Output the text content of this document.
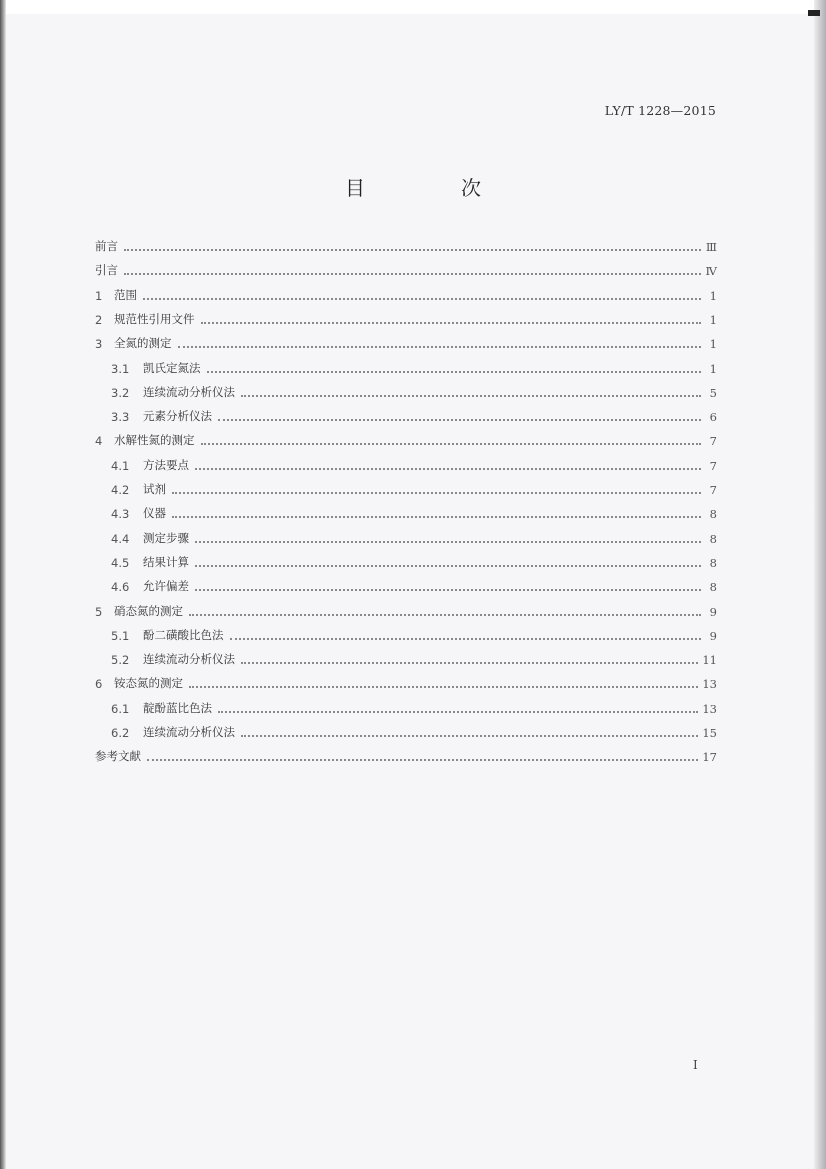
LY/T 1228—2015
目　次
前言	Ⅲ
引言	Ⅳ
1	范围	1
2	规范性引用文件	1
3	全氮的测定	1
3.1	凯氏定氮法	1
3.2	连续流动分析仪法	5
3.3	元素分析仪法	6
4	水解性氮的测定	7
4.1	方法要点	7
4.2	试剂	7
4.3	仪器	8
4.4	测定步骤	8
4.5	结果计算	8
4.6	允许偏差	8
5	硝态氮的测定	9
5.1	酚二磺酸比色法	9
5.2	连续流动分析仪法	11
6	铵态氮的测定	13
6.1	靛酚蓝比色法	13
6.2	连续流动分析仪法	15
参考文献	17
I
